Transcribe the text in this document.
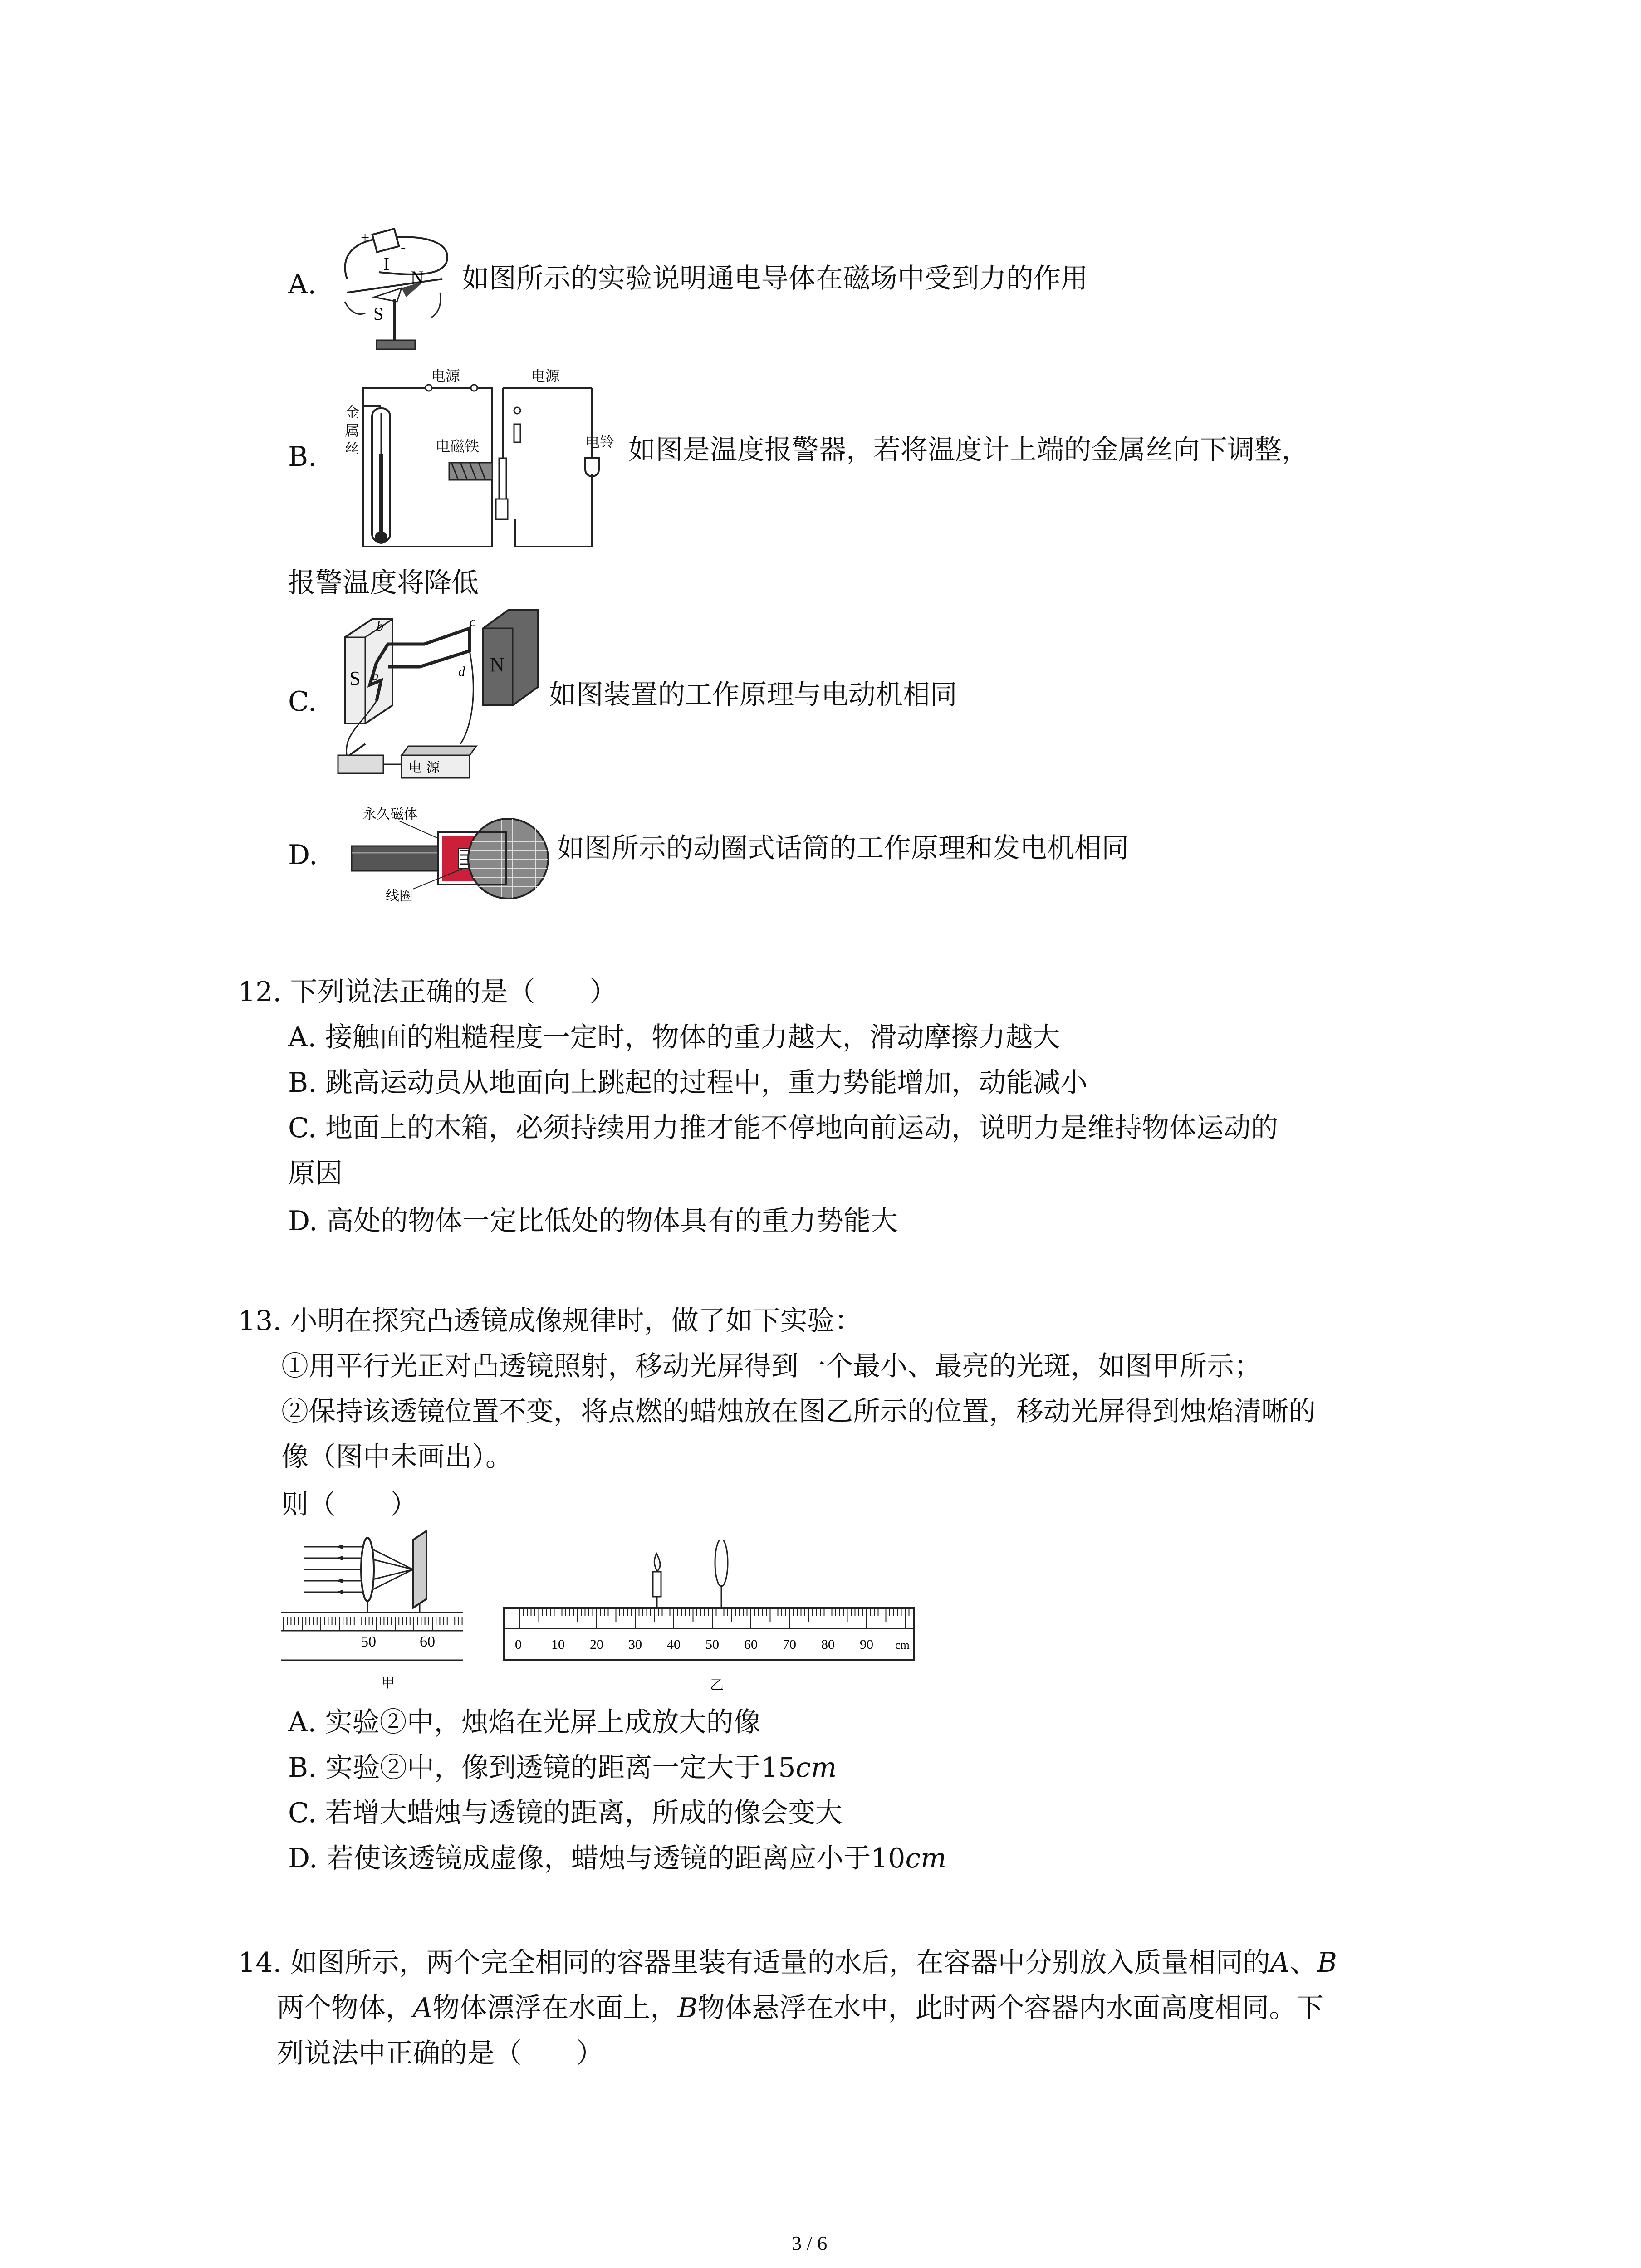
A.
+
-
I
N
S
如图所示的实验说明通电导体在磁场中受到力的作用
B.
电源	电源
金
属
丝	电磁铁	电铃 如图是温度报警器，若将温度计上端的金属丝向下调整，
报警温度将降低
C.
S
N
b	c
a	d
电 源
如图装置的工作原理与电动机相同
D.
永久磁体
线圈
如图所示的动圈式话筒的工作原理和发电机相同
12. 下列说法正确的是（　　）
A. 接触面的粗糙程度一定时，物体的重力越大，滑动摩擦力越大
B. 跳高运动员从地面向上跳起的过程中，重力势能增加，动能减小
C. 地面上的木箱，必须持续用力推才能不停地向前运动，说明力是维持物体运动的
原因
D. 高处的物体一定比低处的物体具有的重力势能大
13. 小明在探究凸透镜成像规律时，做了如下实验：
①用平行光正对凸透镜照射，移动光屏得到一个最小、最亮的光斑，如图甲所示；
②保持该透镜位置不变，将点燃的蜡烛放在图乙所示的位置，移动光屏得到烛焰清晰的
像（图中未画出）。
则（　　）
50	60
甲
0 10 20 30 40 50 60 70 80 90 cm
乙
A. 实验②中，烛焰在光屏上成放大的像
B. 实验②中，像到透镜的距离一定大于15cm
C. 若增大蜡烛与透镜的距离，所成的像会变大
D. 若使该透镜成虚像，蜡烛与透镜的距离应小于10cm
14. 如图所示，两个完全相同的容器里装有适量的水后，在容器中分别放入质量相同的A、B
两个物体，A物体漂浮在水面上，B物体悬浮在水中，此时两个容器内水面高度相同。下
列说法中正确的是（　　）
3 / 6
